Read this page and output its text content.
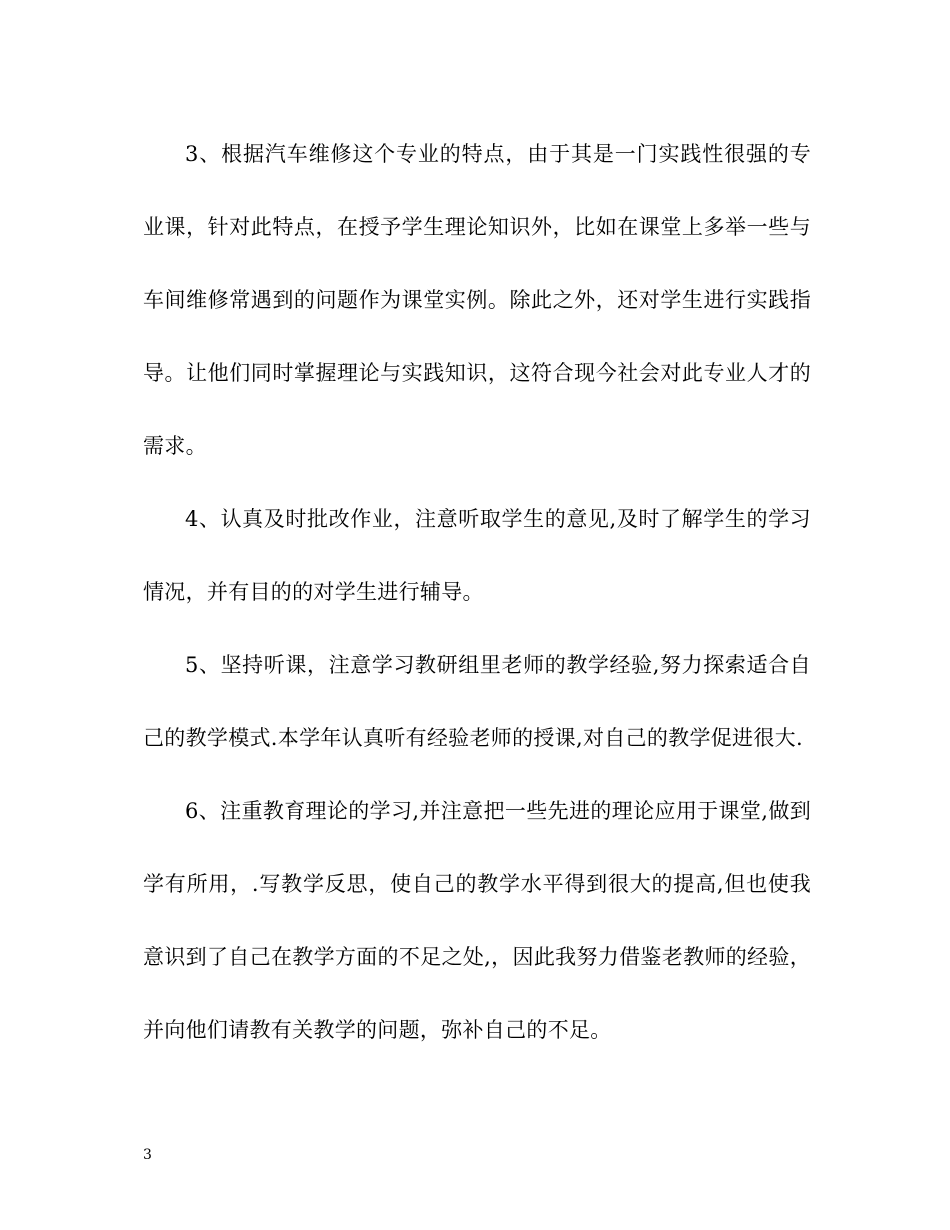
3、根据汽车维修这个专业的特点，由于其是一门实践性很强的专业课，针对此特点，在授予学生理论知识外，比如在课堂上多举一些与车间维修常遇到的问题作为课堂实例。除此之外，还对学生进行实践指导。让他们同时掌握理论与实践知识，这符合现今社会对此专业人才的需求。

4、认真及时批改作业，注意听取学生的意见,及时了解学生的学习情况，并有目的的对学生进行辅导。

5、坚持听课，注意学习教研组里老师的教学经验,努力探索适合自己的教学模式.本学年认真听有经验老师的授课,对自己的教学促进很大.

6、注重教育理论的学习,并注意把一些先进的理论应用于课堂,做到学有所用，.写教学反思，使自己的教学水平得到很大的提高,但也使我意识到了自己在教学方面的不足之处,，因此我努力借鉴老教师的经验，并向他们请教有关教学的问题，弥补自己的不足。

3
